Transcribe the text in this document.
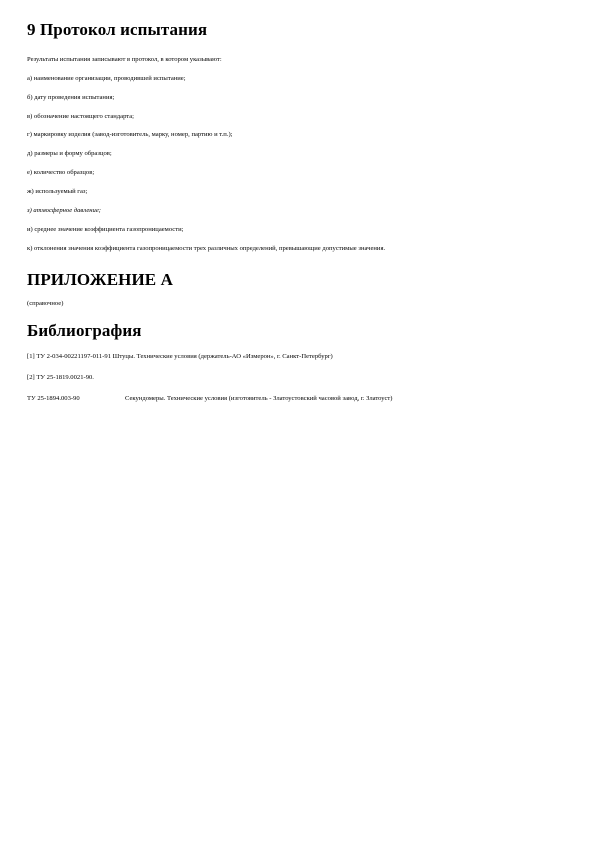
9 Протокол испытания

Результаты испытания записывают в протокол, в котором указывают:

а) наименование организации, проводившей испытание;

б) дату проведения испытания;

в) обозначение настоящего стандарта;

г) маркировку изделия (завод-изготовитель, марку, номер, партию и т.п.);

д) размеры и форму образцов;

е) количество образцов;

ж) используемый газ;

з) атмосферное давление;

и) среднее значение коэффициента газопроницаемости;

к) отклонения значения коэффициента газопроницаемости трех различных определений, превышающие допустимые значения.

ПРИЛОЖЕНИЕ А

(справочное)

Библиография

[1] ТУ 2-034-00221197-011-91 Штуцы. Технические условия (держатель-АО «Измерон», г. Санкт-Петербург)

[2] ТУ 25-1819.0021-90.

ТУ 25-1894.003-90	Секундомеры. Технические условия (изготовитель - Златоустовский часовой завод, г. Златоуст)
